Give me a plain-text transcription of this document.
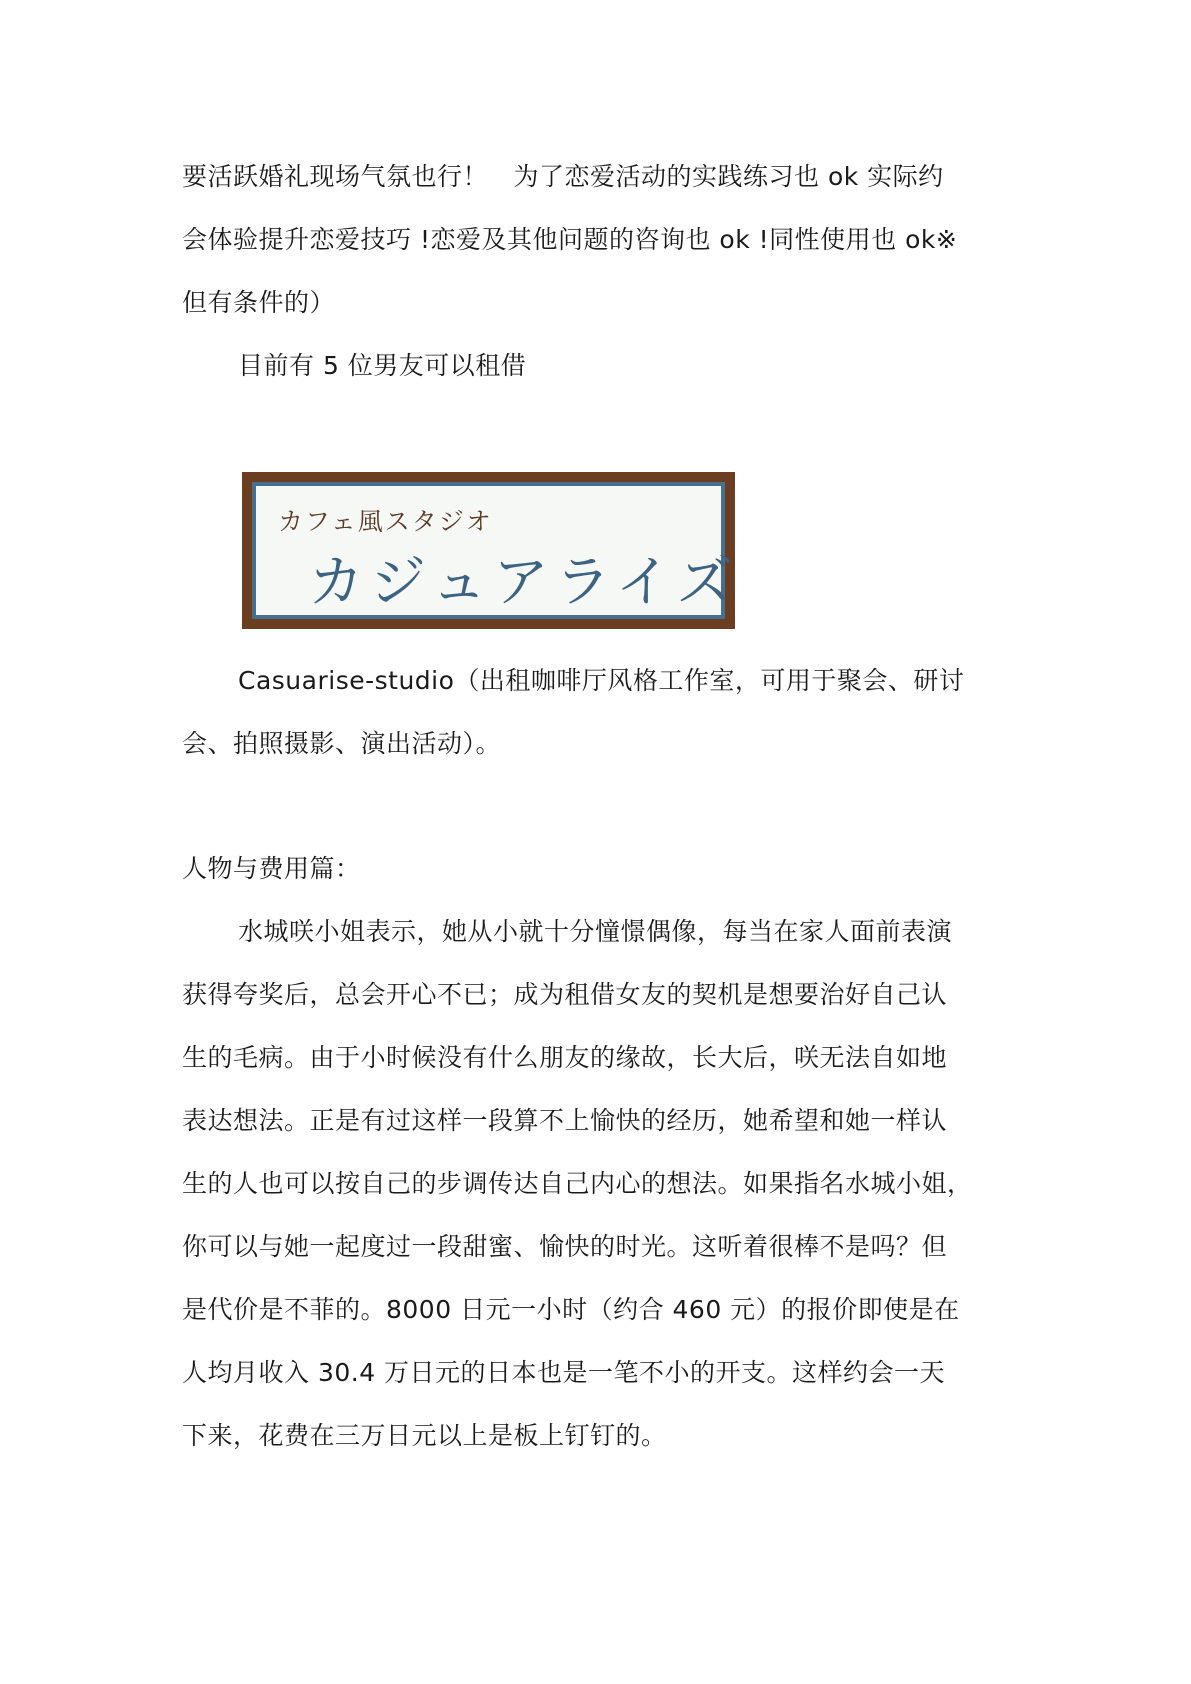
要活跃婚礼现场气氛也行！　为了恋爱活动的实践练习也 ok 实际约
会体验提升恋爱技巧 !恋爱及其他问题的咨询也 ok !同性使用也 ok※
但有条件的）
目前有 5 位男友可以租借
カフェ風スタジオ
カジュアライズ
Casuarise-studio（出租咖啡厅风格工作室，可用于聚会、研讨
会、拍照摄影、演出活动）。
人物与费用篇：
水城咲小姐表示，她从小就十分憧憬偶像，每当在家人面前表演
获得夸奖后，总会开心不已；成为租借女友的契机是想要治好自己认
生的毛病。由于小时候没有什么朋友的缘故，长大后，咲无法自如地
表达想法。正是有过这样一段算不上愉快的经历，她希望和她一样认
生的人也可以按自己的步调传达自己内心的想法。如果指名水城小姐，
你可以与她一起度过一段甜蜜、愉快的时光。这听着很棒不是吗？但
是代价是不菲的。8000 日元一小时（约合 460 元）的报价即使是在
人均月收入 30.4 万日元的日本也是一笔不小的开支。这样约会一天
下来，花费在三万日元以上是板上钉钉的。
